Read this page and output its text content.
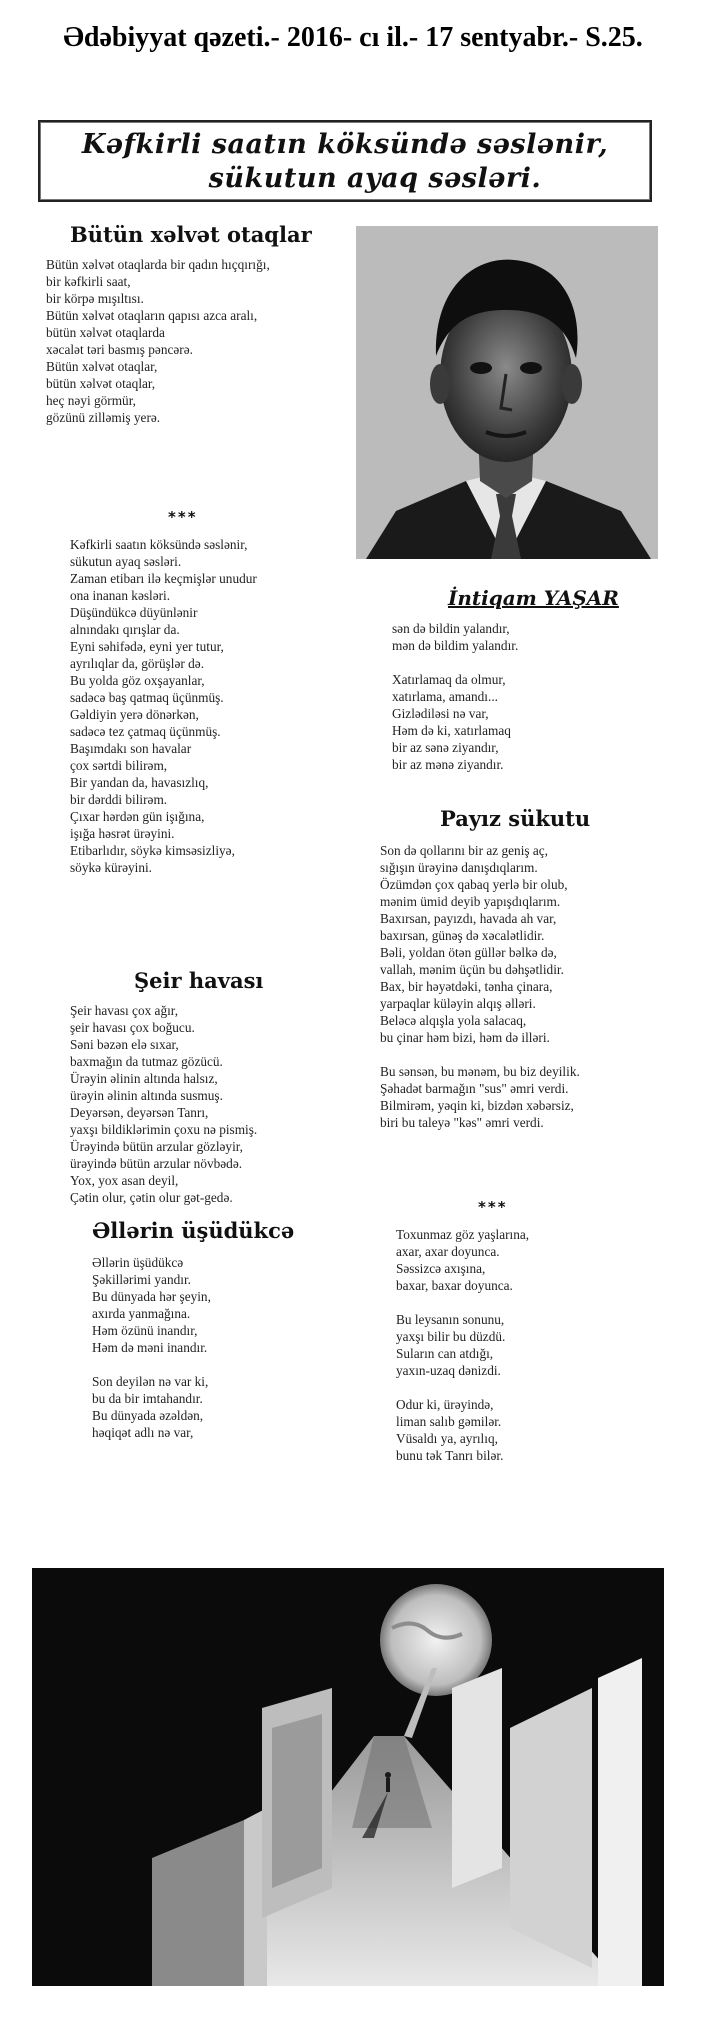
Ədəbiyyat qəzeti.- 2016- cı il.- 17 sentyabr.- S.25.
Kəfkirli saatın köksündə səslənir,

sükutun ayaq səsləri.
Bütün xəlvət otaqlar
Bütün xəlvət otaqlarda bir qadın hıçqırığı,
bir kəfkirli saat,
bir körpə mışıltısı.
Bütün xəlvət otaqların qapısı azca aralı,
bütün xəlvət otaqlarda
xəcalət təri basmış pəncərə.
Bütün xəlvət otaqlar,
bütün xəlvət otaqlar,
heç nəyi görmür,
gözünü zilləmiş yerə.
***
Kəfkirli saatın köksündə səslənir,
sükutun ayaq səsləri.
Zaman etibarı ilə keçmişlər unudur
ona inanan kəsləri.
Düşündükcə düyünlənir
alnındakı qırışlar da.
Eyni səhifədə, eyni yer tutur,
ayrılıqlar da, görüşlər də.
Bu yolda göz oxşayanlar,
sadəcə baş qatmaq üçünmüş.
Gəldiyin yerə dönərkən,
sadəcə tez çatmaq üçünmüş.
Başımdakı son havalar
çox sərtdi bilirəm,
Bir yandan da, havasızlıq,
bir dərddi bilirəm.
Çıxar hərdən gün işığına,
işığa həsrət ürəyini.
Etibarlıdır, söykə kimsəsizliyə,
söykə kürəyini.
İntiqam YAŞAR
sən də bildin yalandır,
mən də bildim yalandır.
Xatırlamaq da olmur,
xatırlama, amandı...
Gizlədiləsi nə var,
Həm də ki, xatırlamaq
bir az sənə ziyandır,
bir az mənə ziyandır.
Şeir havası
Şeir havası çox ağır,
şeir havası çox boğucu.
Səni bəzən elə sıxar,
baxmağın da tutmaz gözücü.
Ürəyin əlinin altında halsız,
ürəyin əlinin altında susmuş.
Deyərsən, deyərsən Tanrı,
yaxşı bildiklərimin çoxu nə pismiş.
Ürəyində bütün arzular gözləyir,
ürəyində bütün arzular növbədə.
Yox, yox asan deyil,
Çətin olur, çətin olur gət-gedə.
Əllərin üşüdükcə
Əllərin üşüdükcə
Şəkillərimi yandır.
Bu dünyada hər şeyin,
axırda yanmağına.
Həm özünü inandır,
Həm də məni inandır.
Son deyilən nə var ki,
bu da bir imtahandır.
Bu dünyada əzəldən,
həqiqət adlı nə var,
Payız sükutu
Son də qollarını bir az geniş aç,
sığışın ürəyinə danışdıqlarım.
Özümdən çox qabaq yerlə bir olub,
mənim ümid deyib yapışdıqlarım.
Baxırsan, payızdı, havada ah var,
baxırsan, günəş də xəcalətlidir.
Bəli, yoldan ötən güllər bəlkə də,
vallah, mənim üçün bu dəhşətlidir.
Bax, bir həyətdəki, tənha çinara,
yarpaqlar küləyin alqış əlləri.
Beləcə alqışla yola salacaq,
bu çinar həm bizi, həm də illəri.
Bu sənsən, bu mənəm, bu biz deyilik.
Şəhadət barmağın "sus" əmri verdi.
Bilmirəm, yəqin ki, bizdən xəbərsiz,
biri bu taleyə "kəs" əmri verdi.
***
Toxunmaz göz yaşlarına,
axar, axar doyunca.
Səssizcə axışına,
baxar, baxar doyunca.
Bu leysanın sonunu,
yaxşı bilir bu düzdü.
Suların can atdığı,
yaxın-uzaq dənizdi.
Odur ki, ürəyində,
liman salıb gəmilər.
Vüsaldı ya, ayrılıq,
bunu tək Tanrı bilər.
